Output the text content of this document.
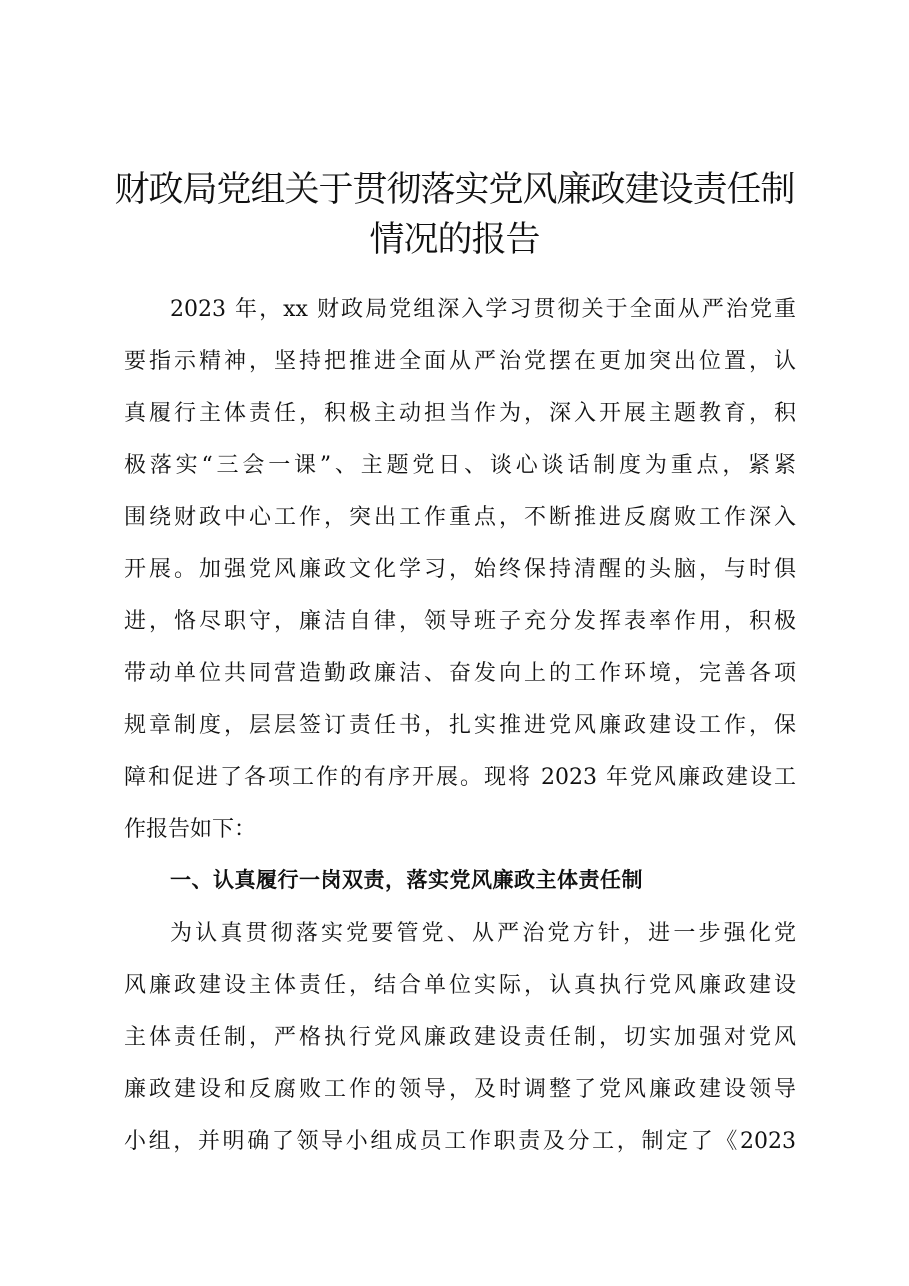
财政局党组关于贯彻落实党风廉政建设责任制
情况的报告
2023 年，xx 财政局党组深入学习贯彻关于全面从严治党重
要指示精神，坚持把推进全面从严治党摆在更加突出位置，认
真履行主体责任，积极主动担当作为，深入开展主题教育，积
极落实“三会一课”、主题党日、谈心谈话制度为重点，紧紧
围绕财政中心工作，突出工作重点，不断推进反腐败工作深入
开展。加强党风廉政文化学习，始终保持清醒的头脑，与时俱
进，恪尽职守，廉洁自律，领导班子充分发挥表率作用，积极
带动单位共同营造勤政廉洁、奋发向上的工作环境，完善各项
规章制度，层层签订责任书，扎实推进党风廉政建设工作，保
障和促进了各项工作的有序开展。现将 2023 年党风廉政建设工
作报告如下：
一、认真履行一岗双责，落实党风廉政主体责任制
为认真贯彻落实党要管党、从严治党方针，进一步强化党
风廉政建设主体责任，结合单位实际，认真执行党风廉政建设
主体责任制，严格执行党风廉政建设责任制，切实加强对党风
廉政建设和反腐败工作的领导，及时调整了党风廉政建设领导
小组，并明确了领导小组成员工作职责及分工，制定了《2023
